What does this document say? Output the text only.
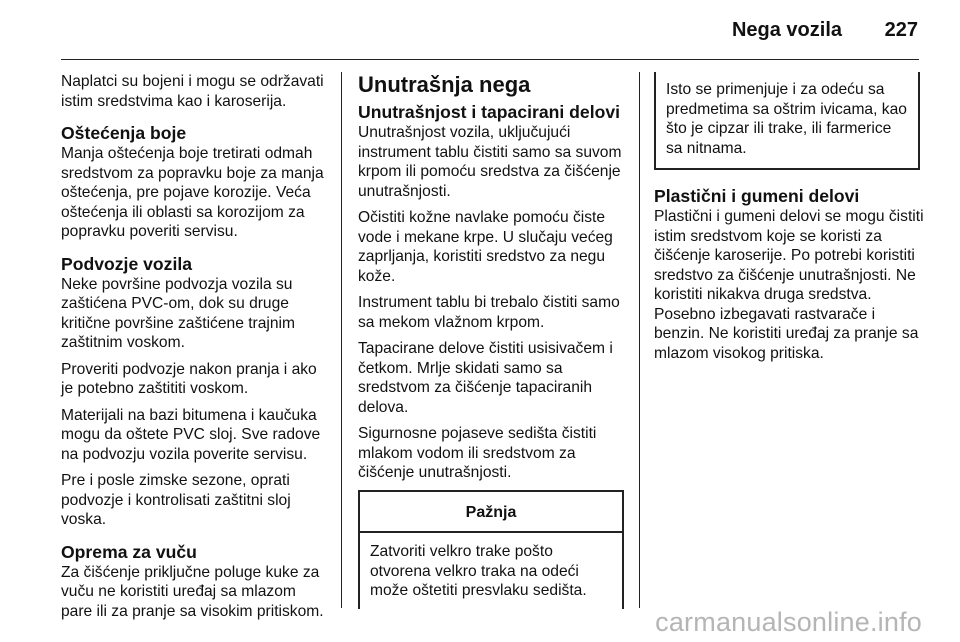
Nega vozila 227

Naplatci su bojeni i mogu se održavati istim sredstvima kao i karoserija.

Oštećenja boje

Manja oštećenja boje tretirati odmah sredstvom za popravku boje za manja oštećenja, pre pojave korozije. Veća oštećenja ili oblasti sa korozijom za popravku poveriti servisu.

Podvozje vozila

Neke površine podvozja vozila su zaštićena PVC-om, dok su druge kritične površine zaštićene trajnim zaštitnim voskom.

Proveriti podvozje nakon pranja i ako je potebno zaštititi voskom.

Materijali na bazi bitumena i kaučuka mogu da oštete PVC sloj. Sve radove na podvozju vozila poverite servisu.

Pre i posle zimske sezone, oprati podvozje i kontrolisati zaštitni sloj voska.

Oprema za vuču

Za čišćenje priključne poluge kuke za vuču ne koristiti uređaj sa mlazom pare ili za pranje sa visokim pritiskom.

Unutrašnja nega
Unutrašnjost i tapacirani delovi

Unutrašnjost vozila, uključujući instrument tablu čistiti samo sa suvom krpom ili pomoću sredstva za čišćenje unutrašnjosti.

Očistiti kožne navlake pomoću čiste vode i mekane krpe. U slučaju većeg zaprljanja, koristiti sredstvo za negu kože.

Instrument tablu bi trebalo čistiti samo sa mekom vlažnom krpom.

Tapacirane delove čistiti usisivačem i četkom. Mrlje skidati samo sa sredstvom za čišćenje tapaciranih delova.

Sigurnosne pojaseve sedišta čistiti mlakom vodom ili sredstvom za čišćenje unutrašnjosti.

Pažnja
Zatvoriti velkro trake pošto otvorena velkro traka na odeći može oštetiti presvlaku sedišta.
Isto se primenjuje i za odeću sa predmetima sa oštrim ivicama, kao što je cipzar ili trake, ili farmerice sa nitnama.
Plastični i gumeni delovi

Plastični i gumeni delovi se mogu čistiti istim sredstvom koje se koristi za čišćenje karoserije. Po potrebi koristiti sredstvo za čišćenje unutrašnjosti. Ne koristiti nikakva druga sredstva. Posebno izbegavati rastvarače i benzin. Ne koristiti uređaj za pranje sa mlazom visokog pritiska.

carmanualsonline.info
